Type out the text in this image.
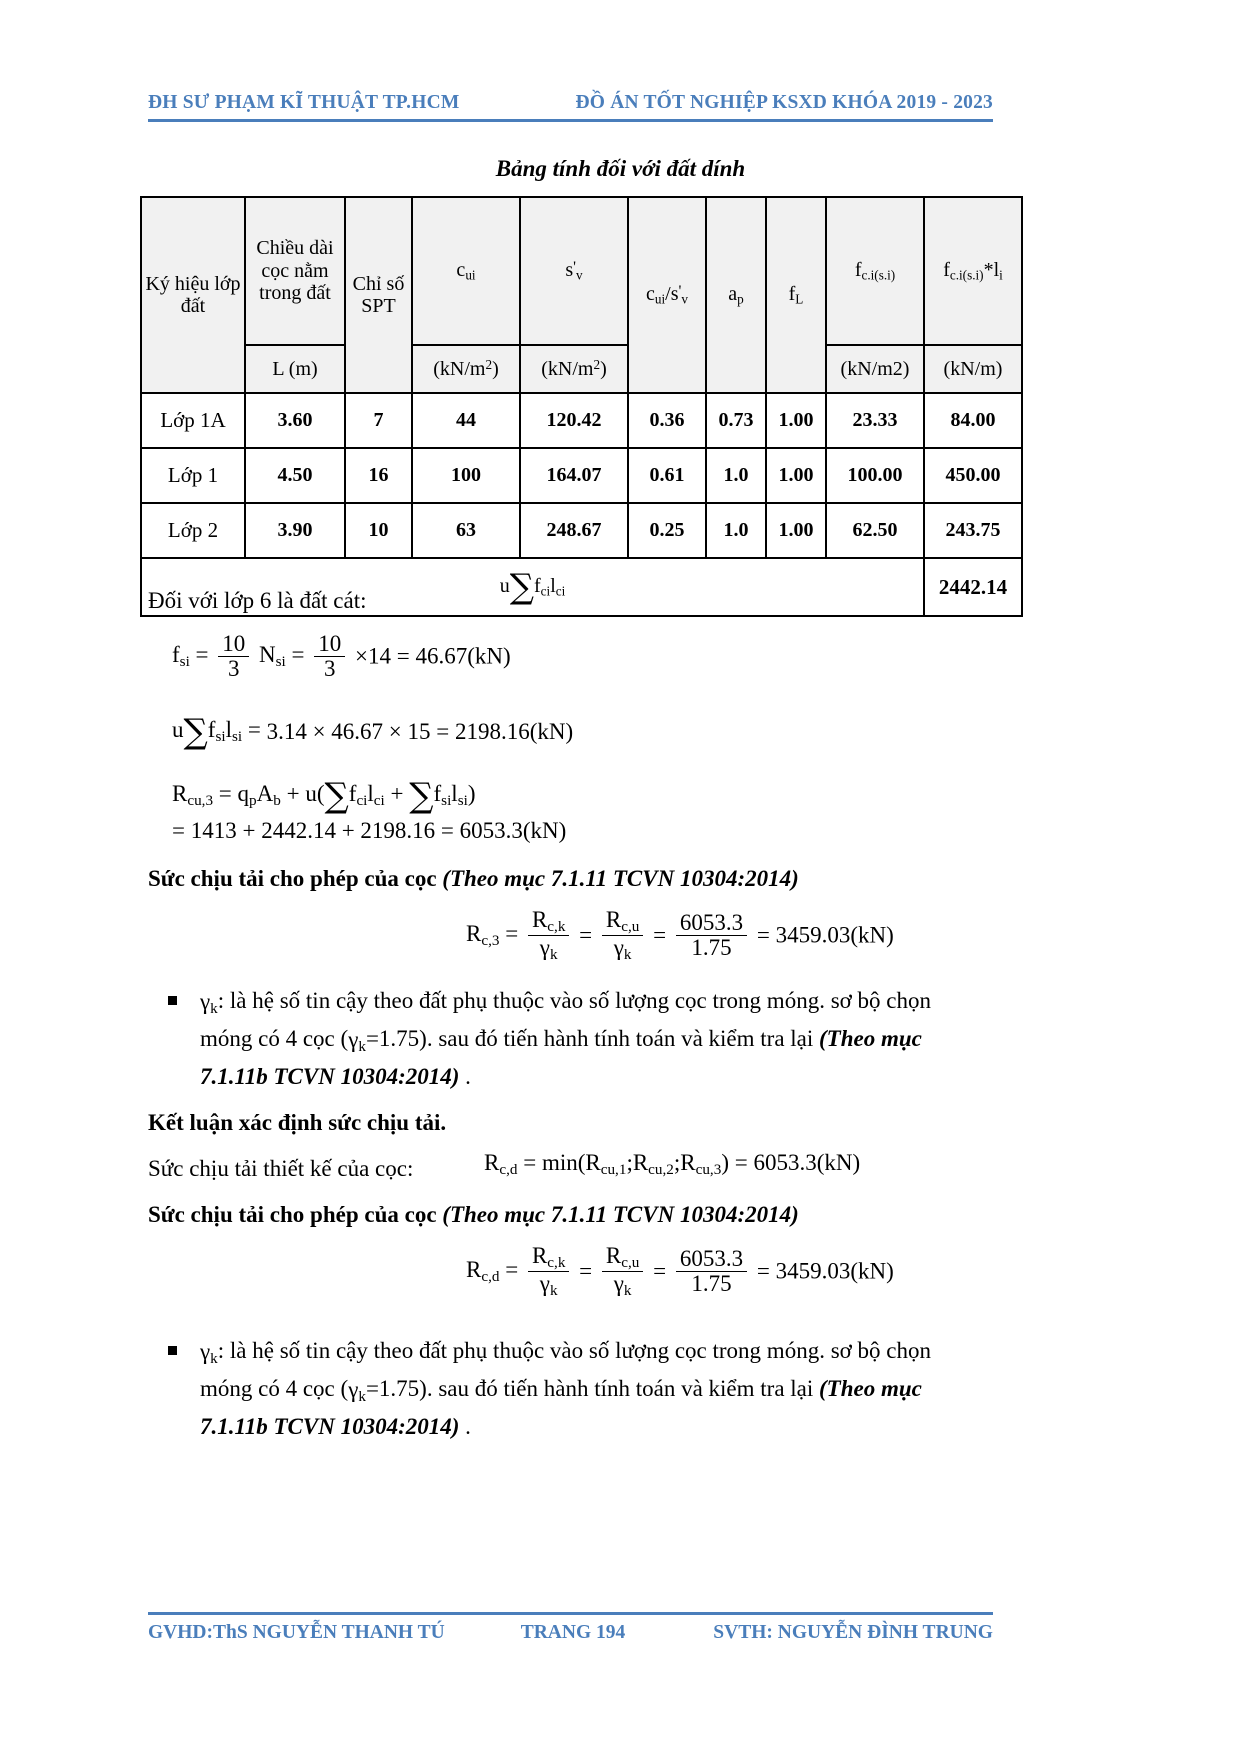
ĐH SƯ PHẠM KĨ THUẬT TP.HCM	ĐỒ ÁN TỐT NGHIỆP KSXD KHÓA 2019 - 2023
Bảng tính đối với đất dính
Ký hiệu lớp đất	Chiều dài cọc nằm trong đất	Chỉ số SPT	$c_{ui}$	$s'_v$	$c_{ui}/s'_v$	$a_p$	$f_L$	$f_{c.i(s.i)}$	$f_{c.i(s.i)}*l_i$
	L (m)		$(kN/m^2)$	$(kN/m^2)$				(kN/m2)	(kN/m)
Lớp 1A	3.60	7	44	120.42	0.36	0.73	1.00	23.33	84.00
Lớp 1	4.50	16	100	164.07	0.61	1.0	1.00	100.00	450.00
Lớp 2	3.90	10	63	248.67	0.25	1.0	1.00	62.50	243.75
$u\sum f_{ci}l_{ci}$									2442.14
Đối với lớp 6 là đất cát:
$f_{si} = \frac{10}{3} N_{si} = \frac{10}{3} \times 14 = 46.67(kN)$
$u\sum f_{si}l_{si} = 3.14 \times 46.67 \times 15 = 2198.16(kN)$
$R_{cu,3} = q_pA_b + u(\sum f_{ci}l_{ci} + \sum f_{si}l_{si})$
= 1413 + 2442.14 + 2198.16 = 6053.3(kN)
Sức chịu tải cho phép của cọc (Theo mục 7.1.11 TCVN 10304:2014)
$R_{c,3} = \frac{R_{c,k}}{\gamma_k} = \frac{R_{c,u}}{\gamma_k} = \frac{6053.3}{1.75} = 3459.03(kN)$
$\gamma_k$: là hệ số tin cậy theo đất phụ thuộc vào số lượng cọc trong móng. sơ bộ chọn
móng có 4 cọc $(\gamma_k=1.75)$. sau đó tiến hành tính toán và kiểm tra lại (Theo mục
7.1.11b TCVN 10304:2014) .
Kết luận xác định sức chịu tải.
Sức chịu tải thiết kế của cọc:	$R_{c,d}$ = $\min(R_{cu,1};R_{cu,2};R_{cu,3}) = 6053.3(kN)$
Sức chịu tải cho phép của cọc (Theo mục 7.1.11 TCVN 10304:2014)
$R_{c,d} = \frac{R_{c,k}}{\gamma_k} = \frac{R_{c,u}}{\gamma_k} = \frac{6053.3}{1.75} = 3459.03(kN)$
$\gamma_k$: là hệ số tin cậy theo đất phụ thuộc vào số lượng cọc trong móng. sơ bộ chọn
móng có 4 cọc $(\gamma_k=1.75)$. sau đó tiến hành tính toán và kiểm tra lại (Theo mục
7.1.11b TCVN 10304:2014) .
GVHD:ThS NGUYỄN THANH TÚ	TRANG 194	SVTH: NGUYỄN ĐÌNH TRUNG
